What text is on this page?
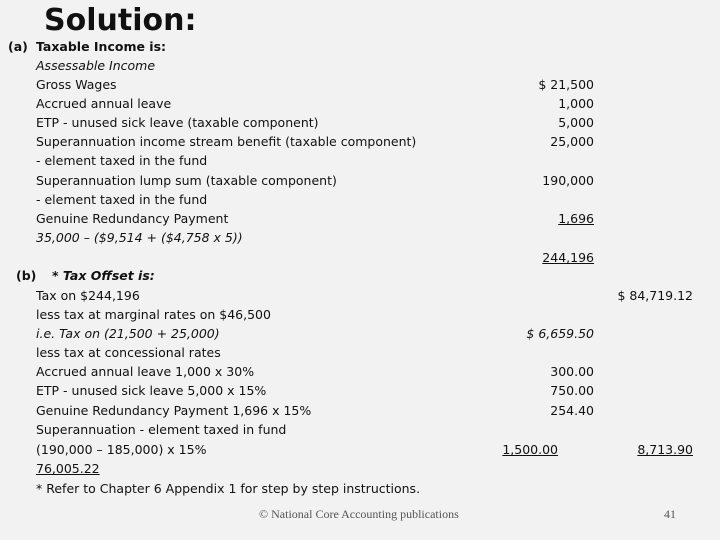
Solution:
(a) Taxable Income is:
Assessable Income
Gross Wages
Accrued annual leave
ETP - unused sick leave (taxable component)
Superannuation income stream benefit (taxable component)
- element taxed in the fund
Superannuation lump sum (taxable component)
- element taxed in the fund
Genuine Redundancy Payment
35,000 – ($9,514 + ($4,758 x 5))
$ 21,500
1,000
5,000
25,000
190,000
1,696
244,196
(b) * Tax Offset is:
Tax on $244,196
less tax at marginal rates on $46,500
i.e. Tax on (21,500 + 25,000)
less tax at concessional rates
Accrued annual leave 1,000 x 30%
ETP - unused sick leave 5,000 x 15%
Genuine Redundancy Payment 1,696 x 15%
Superannuation - element taxed in fund
(190,000 – 185,000) x 15%
76,005.22
* Refer to Chapter 6 Appendix 1 for step by step instructions.
$ 6,659.50
300.00
750.00
254.40
1,500.00
$ 84,719.12
8,713.90
© National Core Accounting publications	41
